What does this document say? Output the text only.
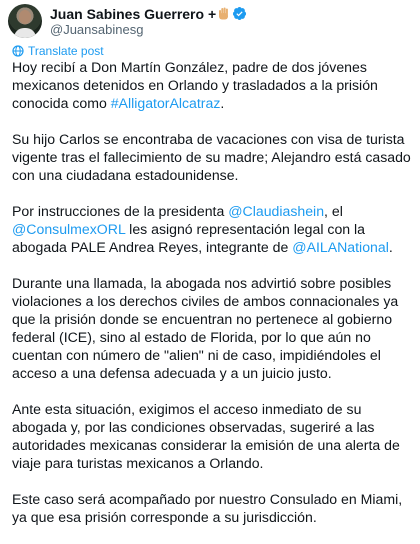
Juan Sabines Guerrero +
@Juansabinesg
Translate post

Hoy recibí a Don Martín González, padre de dos jóvenes mexicanos detenidos en Orlando y trasladados a la prisión conocida como #AlligatorAlcatraz.

Su hijo Carlos se encontraba de vacaciones con visa de turista vigente tras el fallecimiento de su madre; Alejandro está casado con una ciudadana estadounidense.

Por instrucciones de la presidenta @Claudiashein, el @ConsulmexORL les asignó representación legal con la abogada PALE Andrea Reyes, integrante de @AILANational.

Durante una llamada, la abogada nos advirtió sobre posibles violaciones a los derechos civiles de ambos connacionales ya que la prisión donde se encuentran no pertenece al gobierno federal (ICE), sino al estado de Florida, por lo que aún no cuentan con número de "alien" ni de caso, impidiéndoles el acceso a una defensa adecuada y a un juicio justo.

Ante esta situación, exigimos el acceso inmediato de su abogada y, por las condiciones observadas, sugeriré a las autoridades mexicanas considerar la emisión de una alerta de viaje para turistas mexicanos a Orlando.

Este caso será acompañado por nuestro Consulado en Miami, ya que esa prisión corresponde a su jurisdicción.
